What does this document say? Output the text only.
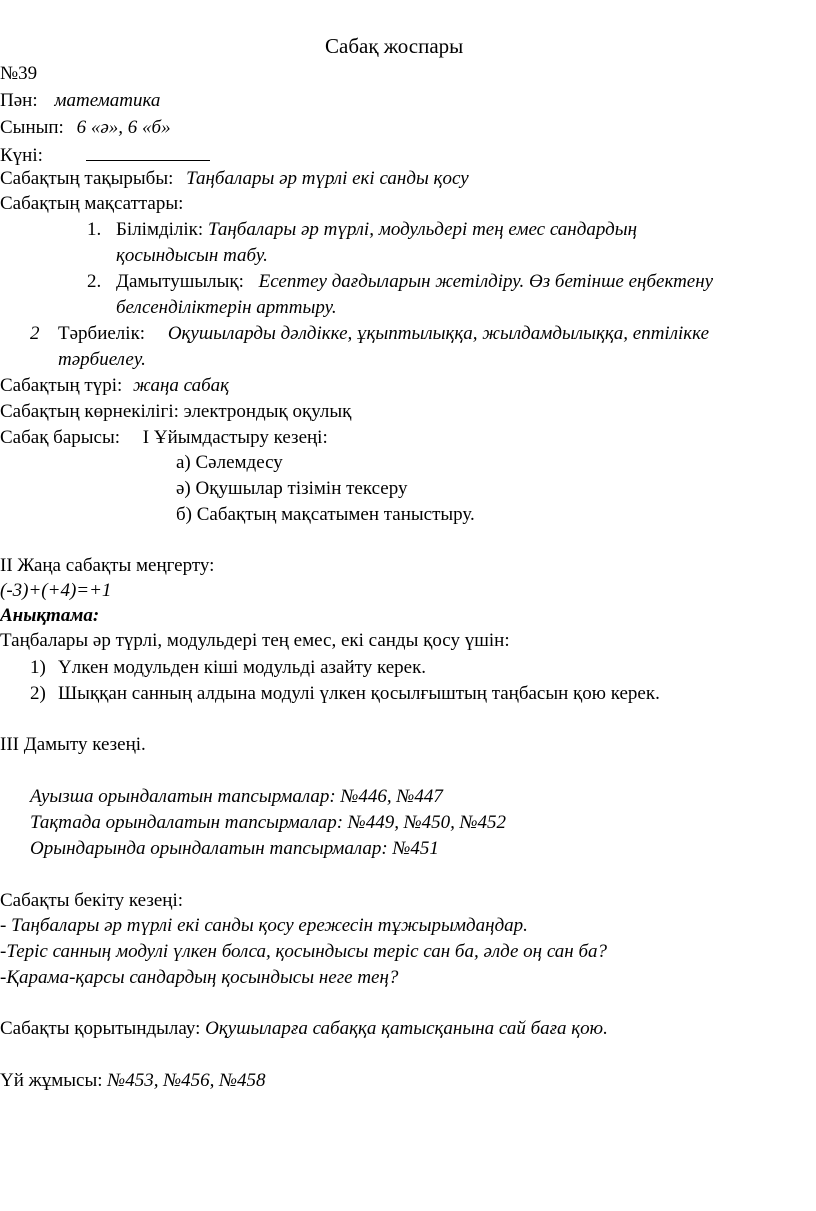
Сабақ жоспары
№39
Пән: математика
Сынып: 6 «ә», 6 «б»
Күні:
Сабақтың тақырыбы: Таңбалары әр түрлі екі санды қосу
Сабақтың мақсаттары:
1. Білімділік: Таңбалары әр түрлі, модульдері тең емес сандардың
қосындысын табу.
2. Дамытушылық: Есептеу дағдыларын жетілдіру. Өз бетінше еңбектену
белсенділіктерін арттыру.
2 Тәрбиелік: Оқушыларды дәлдікке, ұқыптылыққа, жылдамдылыққа, ептілікке
тәрбиелеу.
Сабақтың түрі: жаңа сабақ
Сабақтың көрнекілігі: электрондық оқулық
Сабақ барысы: І Ұйымдастыру кезеңі:
а) Сәлемдесу
ә) Оқушылар тізімін тексеру
б) Сабақтың мақсатымен таныстыру.
ІІ Жаңа сабақты меңгерту:
(-3)+(+4)=+1
Анықтама:
Таңбалары әр түрлі, модульдері тең емес, екі санды қосу үшін:
1) Үлкен модульден кіші модульді азайту керек.
2) Шыққан санның алдына модулі үлкен қосылғыштың таңбасын қою керек.
ІІІ Дамыту кезеңі.
Ауызша орындалатын тапсырмалар: №446, №447
Тақтада орындалатын тапсырмалар: №449, №450, №452
Орындарында орындалатын тапсырмалар: №451
Сабақты бекіту кезеңі:
- Таңбалары әр түрлі екі санды қосу ережесін тұжырымдаңдар.
-Теріс санның модулі үлкен болса, қосындысы теріс сан ба, әлде оң сан ба?
-Қарама-қарсы сандардың қосындысы неге тең?
Сабақты қорытындылау: Оқушыларға сабаққа қатысқанына сай баға қою.
Үй жұмысы: №453, №456, №458
